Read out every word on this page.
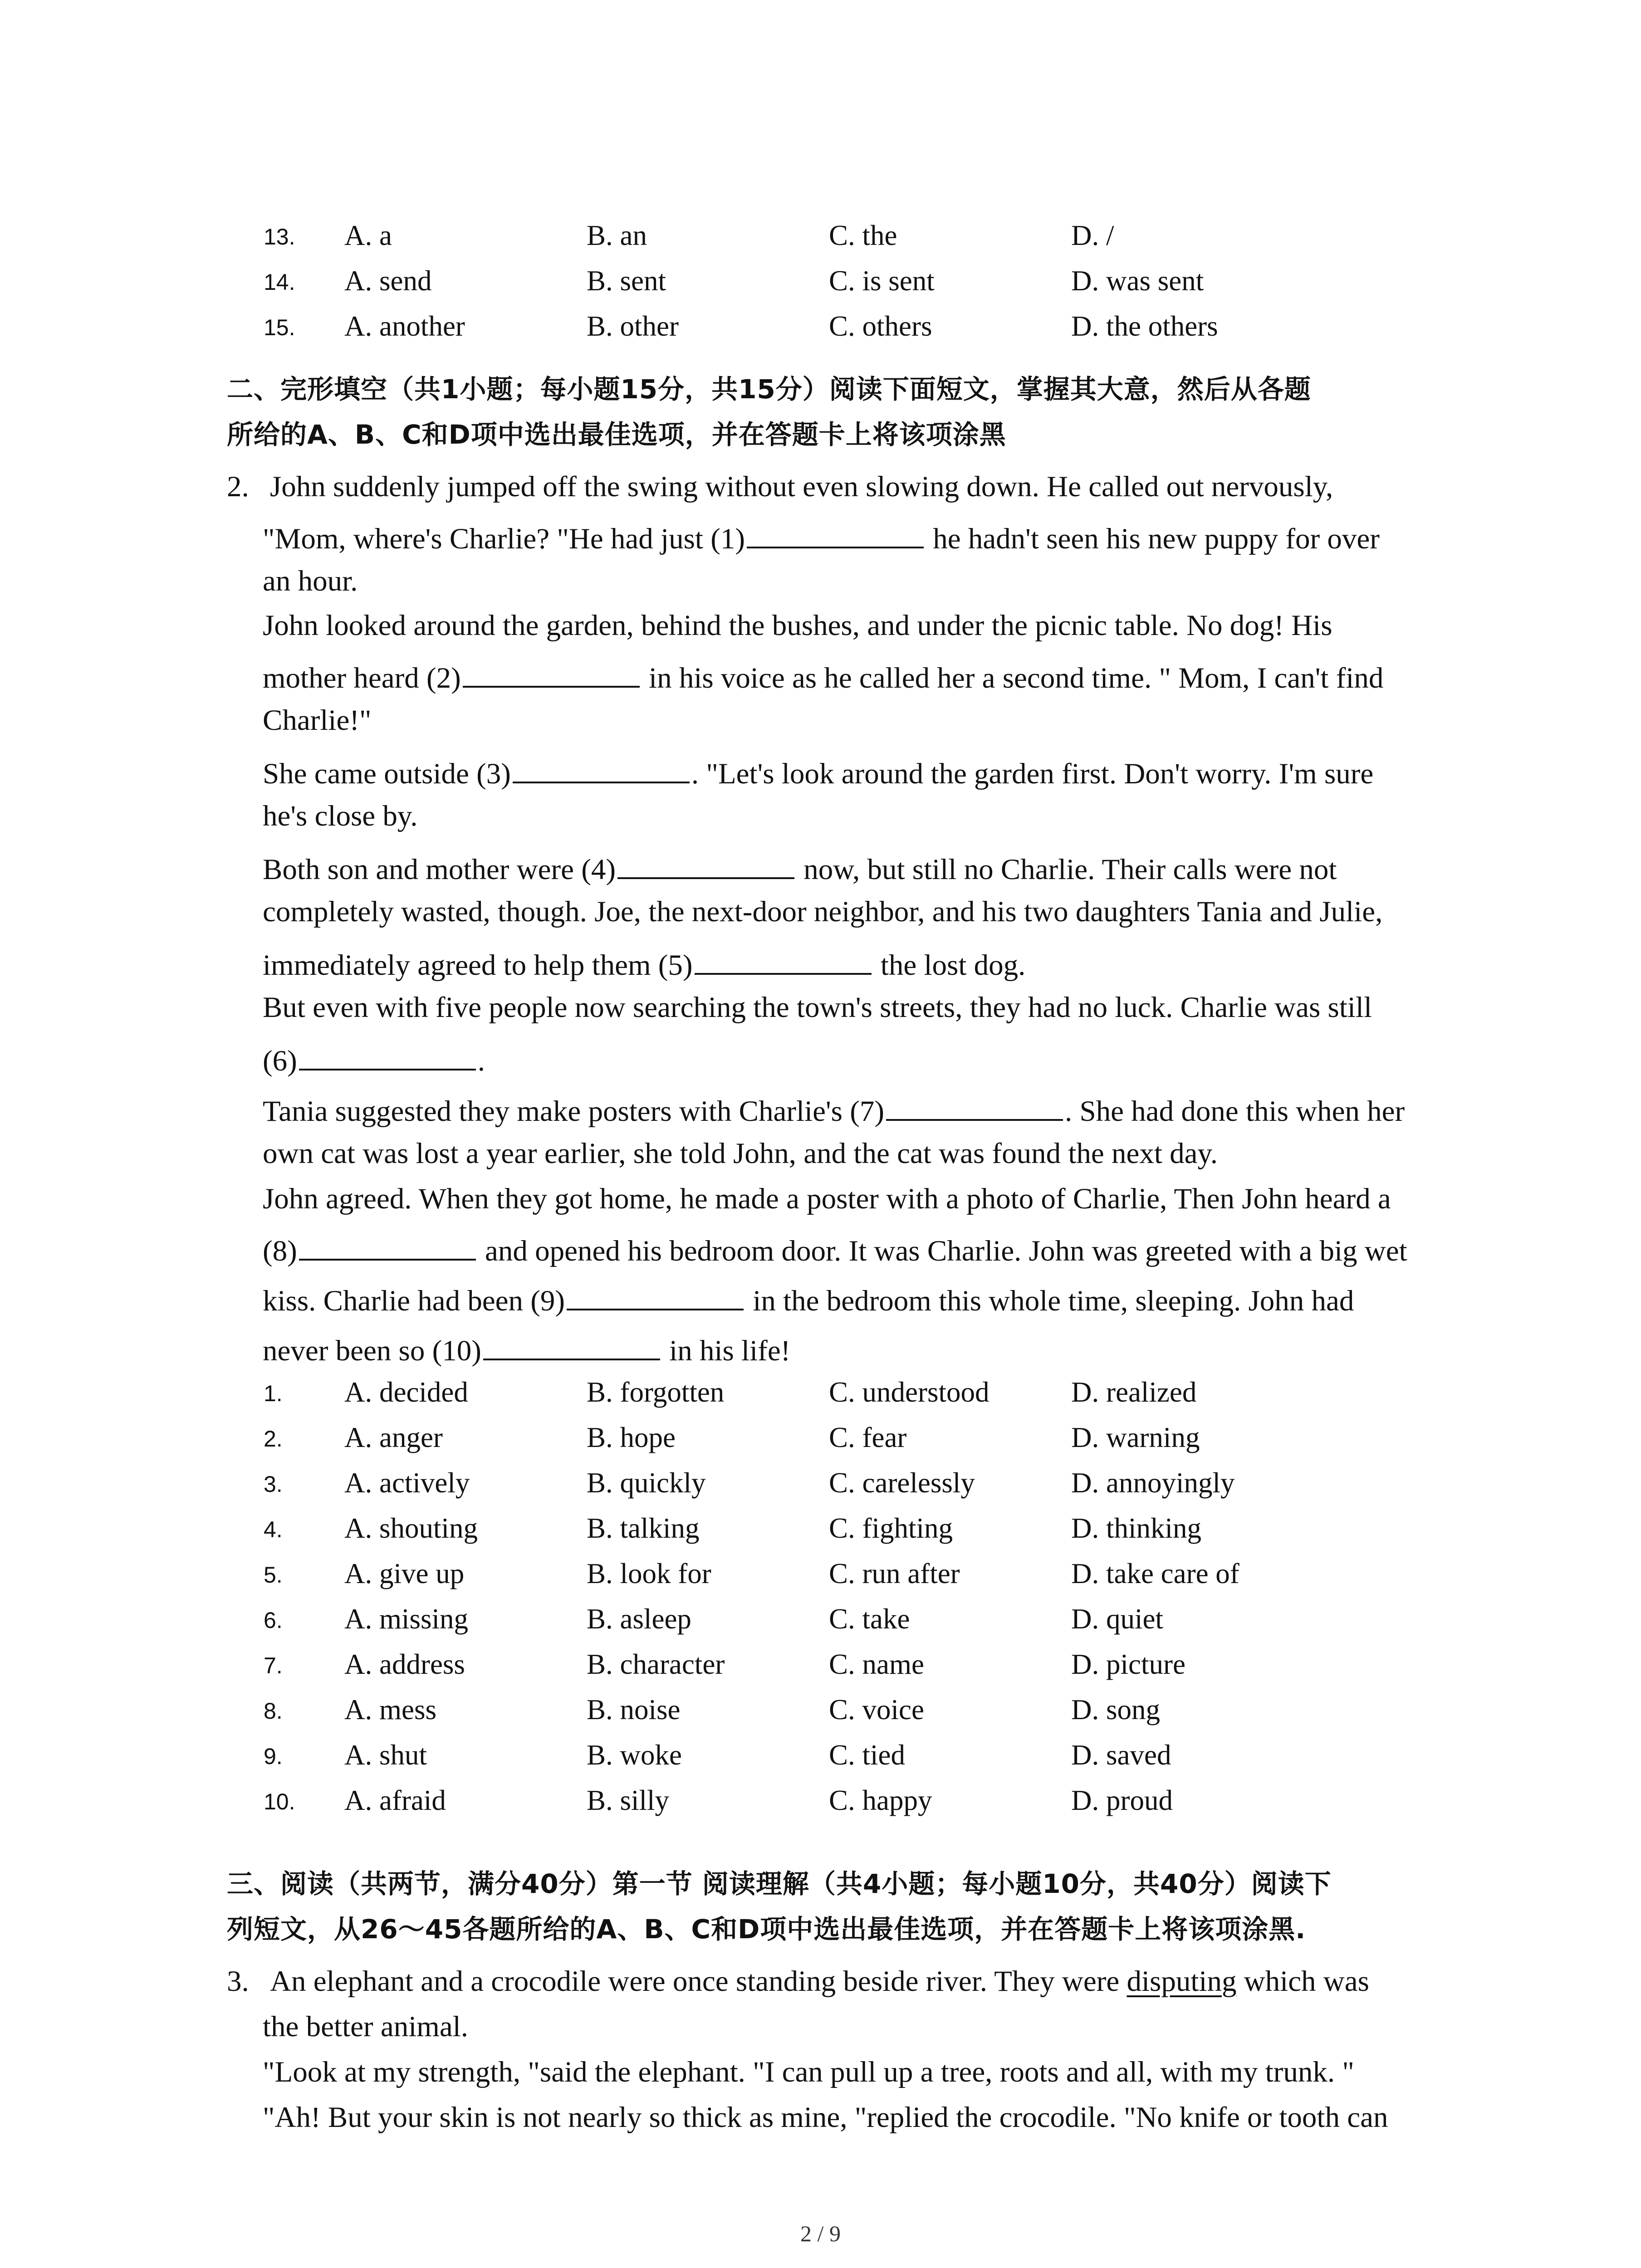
13. A. a	B. an	C. the	D. /
14. A. send	B. sent	C. is sent	D. was sent
15. A. another	B. other	C. others	D. the others
二、完形填空（共1小题；每小题15分，共15分）阅读下面短文，掌握其大意，然后从各题
所给的A、B、C和D项中选出最佳选项，并在答题卡上将该项涂黑
2. John suddenly jumped off the swing without even slowing down. He called out nervously,
"Mom, where's Charlie? "He had just (1)	he hadn't seen his new puppy for over
an hour.
John looked around the garden, behind the bushes, and under the picnic table. No dog! His
mother heard (2)	in his voice as he called her a second time. " Mom, I can't find
Charlie!"
She came outside (3)	. "Let's look around the garden first. Don't worry. I'm sure
he's close by.
Both son and mother were (4)	now, but still no Charlie. Their calls were not
completely wasted, though. Joe, the next-door neighbor, and his two daughters Tania and Julie,
immediately agreed to help them (5)	the lost dog.
But even with five people now searching the town's streets, they had no luck. Charlie was still
(6)	.
Tania suggested they make posters with Charlie's (7)	. She had done this when her
own cat was lost a year earlier, she told John, and the cat was found the next day.
John agreed. When they got home, he made a poster with a photo of Charlie, Then John heard a
(8)	and opened his bedroom door. It was Charlie. John was greeted with a big wet
kiss. Charlie had been (9)	in the bedroom this whole time, sleeping. John had
never been so (10)	in his life!
1. A. decided	B. forgotten	C. understood	D. realized
2. A. anger	B. hope	C. fear	D. warning
3. A. actively	B. quickly	C. carelessly	D. annoyingly
4. A. shouting	B. talking	C. fighting	D. thinking
5. A. give up	B. look for	C. run after	D. take care of
6. A. missing	B. asleep	C. take	D. quiet
7. A. address	B. character	C. name	D. picture
8. A. mess	B. noise	C. voice	D. song
9. A. shut	B. woke	C. tied	D. saved
10. A. afraid	B. silly	C. happy	D. proud
三、阅读（共两节，满分40分）第一节 阅读理解（共4小题；每小题10分，共40分）阅读下
列短文，从26～45各题所给的A、B、C和D项中选出最佳选项，并在答题卡上将该项涂黑.
3. An elephant and a crocodile were once standing beside river. They were disputing which was
the better animal.
"Look at my strength, "said the elephant. "I can pull up a tree, roots and all, with my trunk. "
"Ah! But your skin is not nearly so thick as mine, "replied the crocodile. "No knife or tooth can
2 / 9
